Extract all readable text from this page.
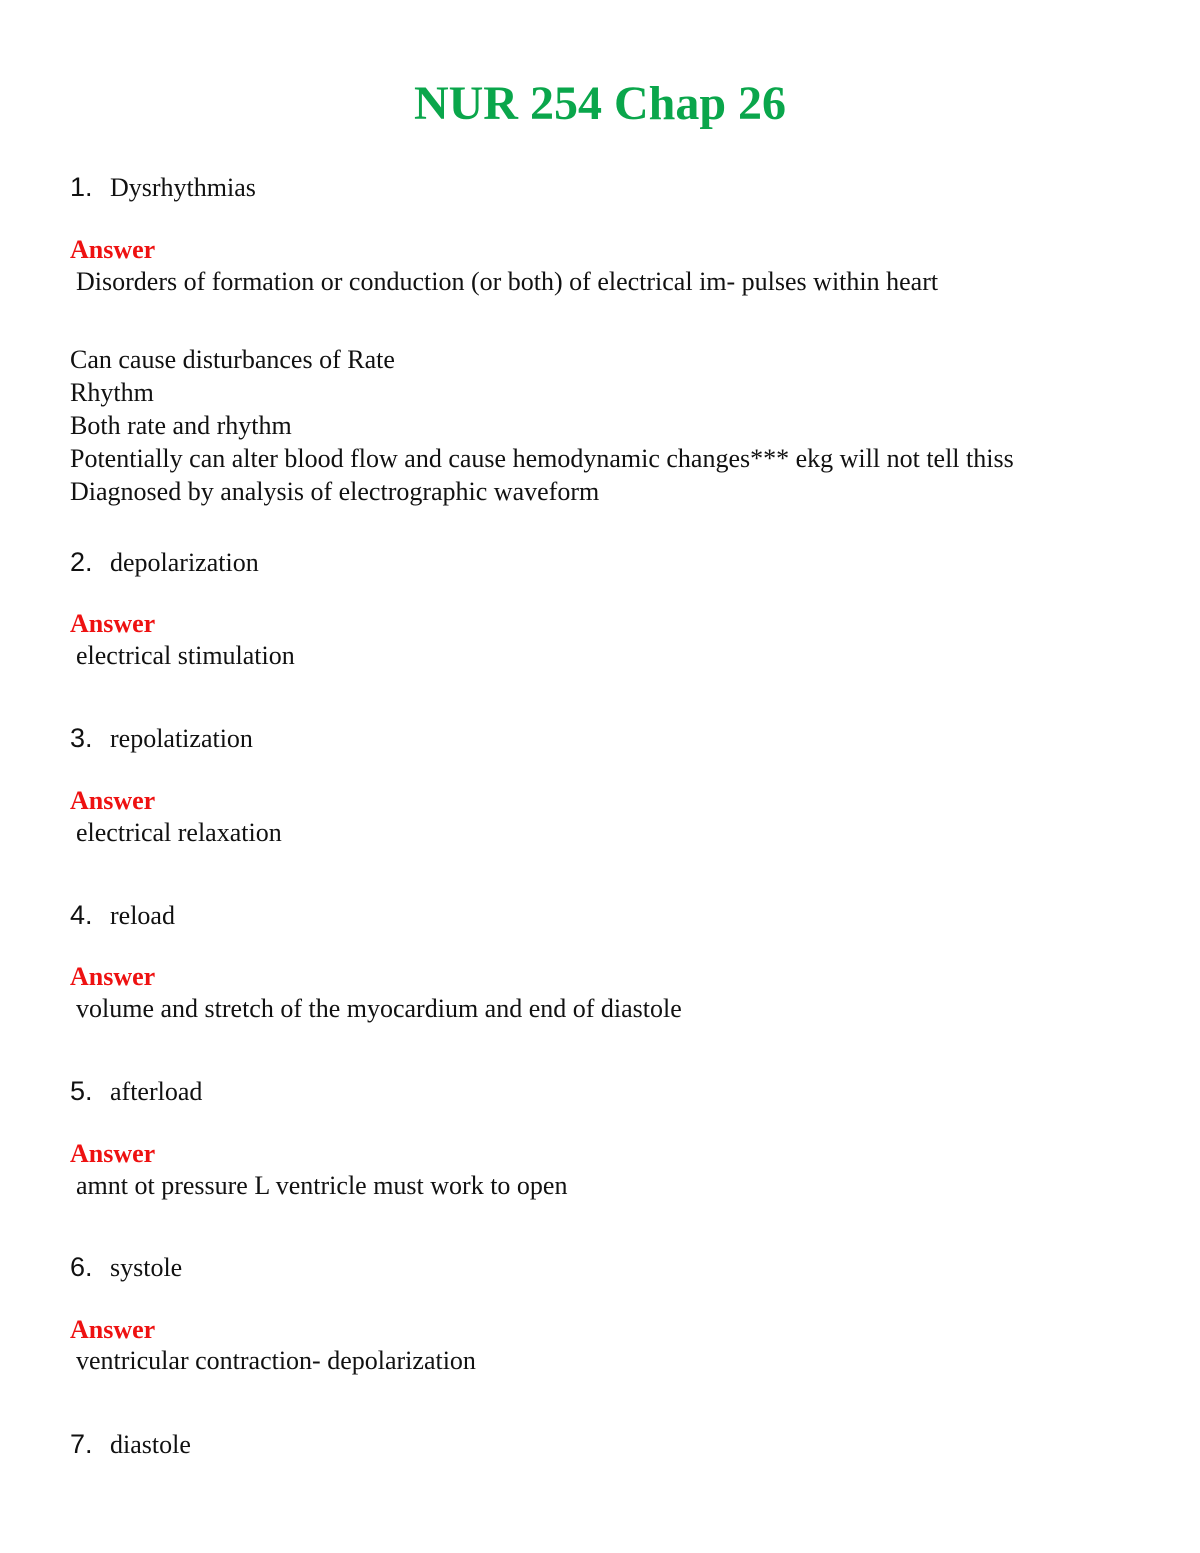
NUR 254 Chap 26
1. Dysrhythmias
Answer
Disorders of formation or conduction (or both) of electrical im- pulses within heart
Can cause disturbances of Rate
Rhythm
Both rate and rhythm
Potentially can alter blood flow and cause hemodynamic changes*** ekg will not tell thiss
Diagnosed by analysis of electrographic waveform
2. depolarization
Answer
electrical stimulation
3. repolatization
Answer
electrical relaxation
4. reload
Answer
volume and stretch of the myocardium and end of diastole
5. afterload
Answer
amnt ot pressure L ventricle must work to open
6. systole
Answer
ventricular contraction- depolarization
7. diastole
